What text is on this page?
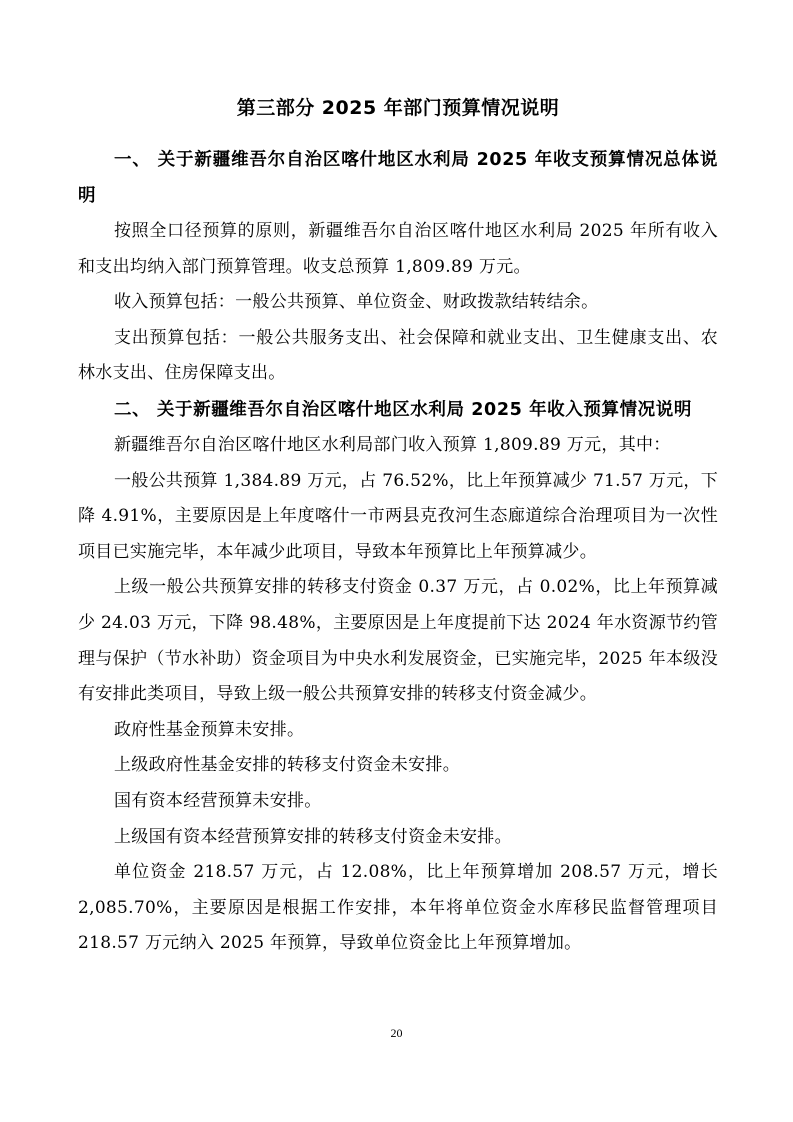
第三部分 2025 年部门预算情况说明
一、 关于新疆维吾尔自治区喀什地区水利局 2025 年收支预算情况总体说明

按照全口径预算的原则，新疆维吾尔自治区喀什地区水利局 2025 年所有收入和支出均纳入部门预算管理。收支总预算 1,809.89 万元。

收入预算包括：一般公共预算、单位资金、财政拨款结转结余。

支出预算包括：一般公共服务支出、社会保障和就业支出、卫生健康支出、农林水支出、住房保障支出。

二、 关于新疆维吾尔自治区喀什地区水利局 2025 年收入预算情况说明

新疆维吾尔自治区喀什地区水利局部门收入预算 1,809.89 万元，其中：

一般公共预算 1,384.89 万元，占 76.52%，比上年预算减少 71.57 万元，下降 4.91%，主要原因是上年度喀什一市两县克孜河生态廊道综合治理项目为一次性项目已实施完毕，本年减少此项目，导致本年预算比上年预算减少。

上级一般公共预算安排的转移支付资金 0.37 万元，占 0.02%，比上年预算减少 24.03 万元，下降 98.48%，主要原因是上年度提前下达 2024 年水资源节约管理与保护（节水补助）资金项目为中央水利发展资金，已实施完毕，2025 年本级没有安排此类项目，导致上级一般公共预算安排的转移支付资金减少。

政府性基金预算未安排。

上级政府性基金安排的转移支付资金未安排。

国有资本经营预算未安排。

上级国有资本经营预算安排的转移支付资金未安排。

单位资金 218.57 万元，占 12.08%，比上年预算增加 208.57 万元，增长 2,085.70%，主要原因是根据工作安排，本年将单位资金水库移民监督管理项目 218.57 万元纳入 2025 年预算，导致单位资金比上年预算增加。

20
